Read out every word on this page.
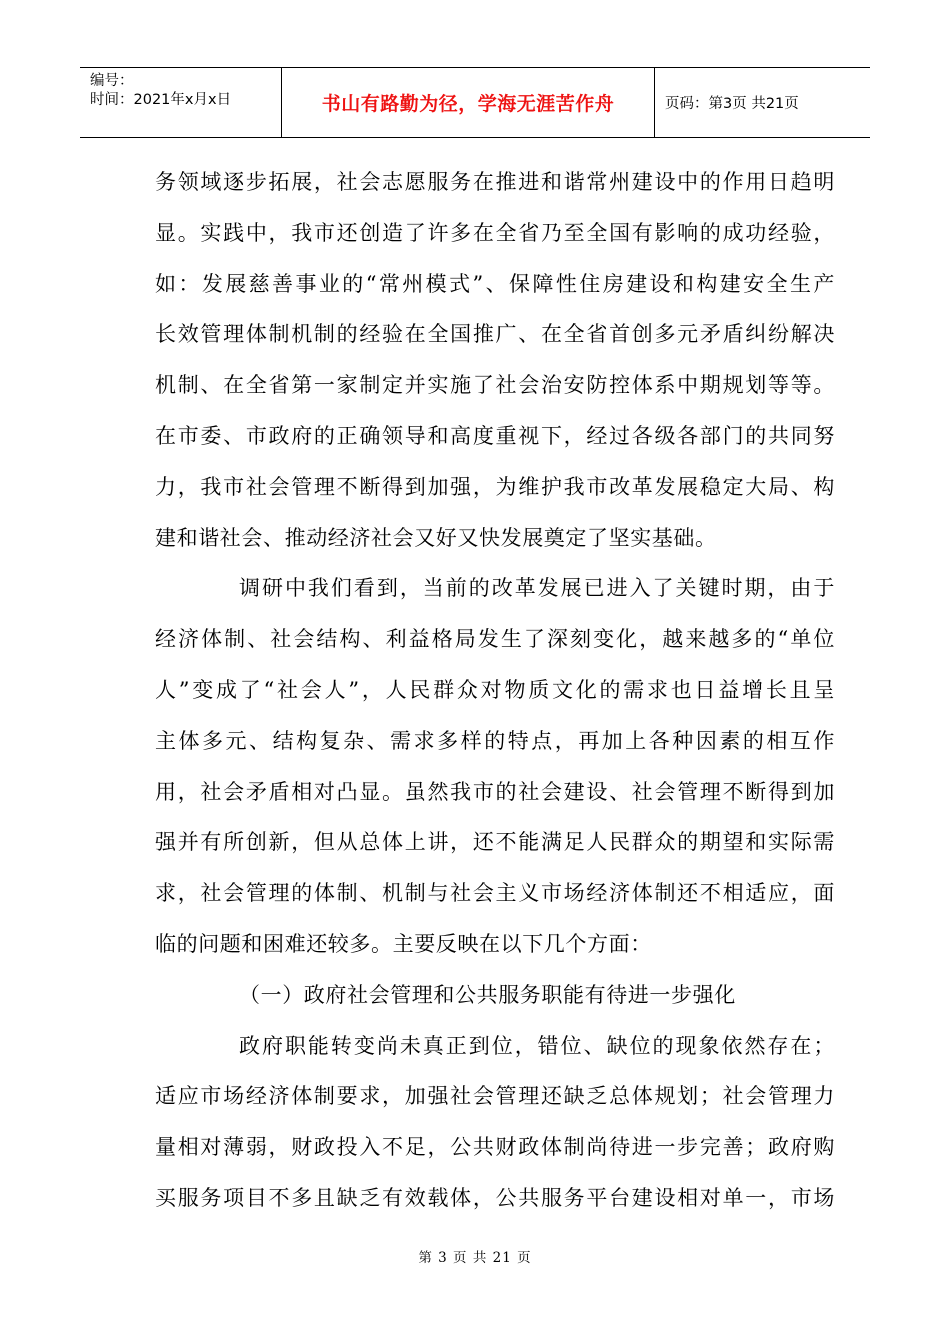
编号：
时间：2021年x月x日	书山有路勤为径，学海无涯苦作舟	页码：第3页 共21页
务领域逐步拓展，社会志愿服务在推进和谐常州建设中的作用日趋明
显。实践中，我市还创造了许多在全省乃至全国有影响的成功经验，
如：发展慈善事业的“常州模式”、保障性住房建设和构建安全生产
长效管理体制机制的经验在全国推广、在全省首创多元矛盾纠纷解决
机制、在全省第一家制定并实施了社会治安防控体系中期规划等等。
在市委、市政府的正确领导和高度重视下，经过各级各部门的共同努
力，我市社会管理不断得到加强，为维护我市改革发展稳定大局、构
建和谐社会、推动经济社会又好又快发展奠定了坚实基础。
调研中我们看到，当前的改革发展已进入了关键时期，由于
经济体制、社会结构、利益格局发生了深刻变化，越来越多的“单位
人”变成了“社会人”，人民群众对物质文化的需求也日益增长且呈
主体多元、结构复杂、需求多样的特点，再加上各种因素的相互作
用，社会矛盾相对凸显。虽然我市的社会建设、社会管理不断得到加
强并有所创新，但从总体上讲，还不能满足人民群众的期望和实际需
求，社会管理的体制、机制与社会主义市场经济体制还不相适应，面
临的问题和困难还较多。主要反映在以下几个方面：
（一）政府社会管理和公共服务职能有待进一步强化
政府职能转变尚未真正到位，错位、缺位的现象依然存在；
适应市场经济体制要求，加强社会管理还缺乏总体规划；社会管理力
量相对薄弱，财政投入不足，公共财政体制尚待进一步完善；政府购
买服务项目不多且缺乏有效载体，公共服务平台建设相对单一，市场
第 3 页 共 21 页
